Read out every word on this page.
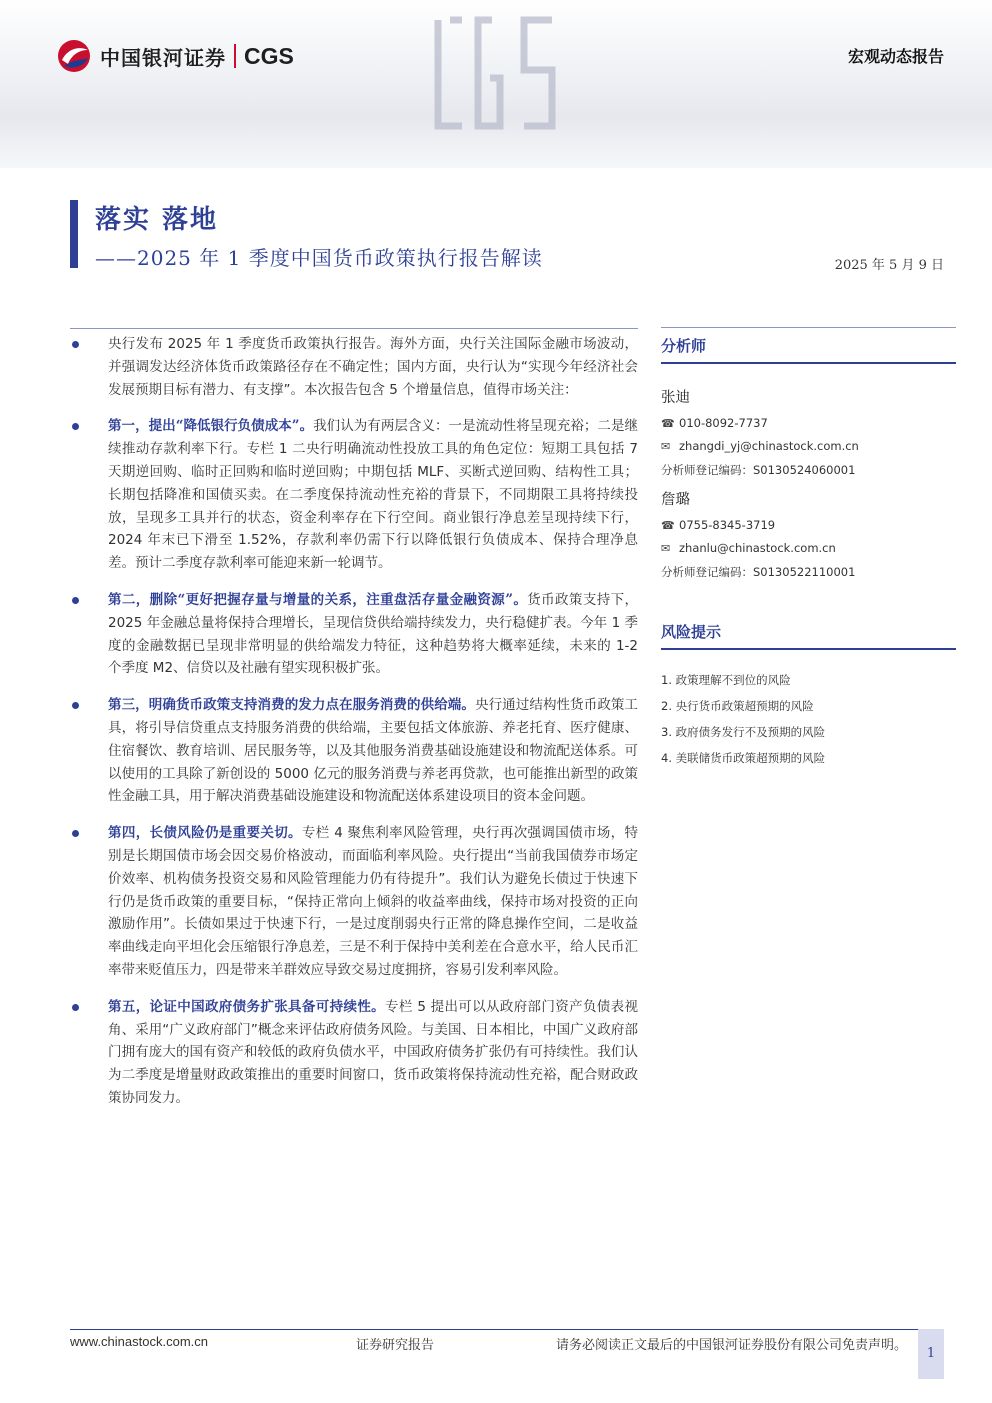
中国银河证券 CGS	宏观动态报告
落实 落地
——2025 年 1 季度中国货币政策执行报告解读	2025 年 5 月 9 日
央行发布 2025 年 1 季度货币政策执行报告。海外方面，央行关注国际金融市场波动，并强调发达经济体货币政策路径存在不确定性；国内方面，央行认为“实现今年经济社会发展预期目标有潜力、有支撑”。本次报告包含 5 个增量信息，值得市场关注：
第一，提出“降低银行负债成本”。我们认为有两层含义：一是流动性将呈现充裕；二是继续推动存款利率下行。专栏 1 二央行明确流动性投放工具的角色定位：短期工具包括 7 天期逆回购、临时正回购和临时逆回购；中期包括 MLF、买断式逆回购、结构性工具；长期包括降准和国债买卖。在二季度保持流动性充裕的背景下，不同期限工具将持续投放，呈现多工具并行的状态，资金利率存在下行空间。商业银行净息差呈现持续下行，2024 年末已下滑至 1.52%，存款利率仍需下行以降低银行负债成本、保持合理净息差。预计二季度存款利率可能迎来新一轮调节。
第二，删除“更好把握存量与增量的关系，注重盘活存量金融资源”。货币政策支持下，2025 年金融总量将保持合理增长，呈现信贷供给端持续发力，央行稳健扩表。今年 1 季度的金融数据已呈现非常明显的供给端发力特征，这种趋势将大概率延续，未来的 1-2 个季度 M2、信贷以及社融有望实现积极扩张。
第三，明确货币政策支持消费的发力点在服务消费的供给端。央行通过结构性货币政策工具，将引导信贷重点支持服务消费的供给端，主要包括文体旅游、养老托育、医疗健康、住宿餐饮、教育培训、居民服务等，以及其他服务消费基础设施建设和物流配送体系。可以使用的工具除了新创设的 5000 亿元的服务消费与养老再贷款，也可能推出新型的政策性金融工具，用于解决消费基础设施建设和物流配送体系建设项目的资本金问题。
第四，长债风险仍是重要关切。专栏 4 聚焦利率风险管理，央行再次强调国债市场，特别是长期国债市场会因交易价格波动，而面临利率风险。央行提出“当前我国债券市场定价效率、机构债务投资交易和风险管理能力仍有待提升”。我们认为避免长债过于快速下行仍是货币政策的重要目标，“保持正常向上倾斜的收益率曲线，保持市场对投资的正向激励作用”。长债如果过于快速下行，一是过度削弱央行正常的降息操作空间，二是收益率曲线走向平坦化会压缩银行净息差，三是不利于保持中美利差在合意水平，给人民币汇率带来贬值压力，四是带来羊群效应导致交易过度拥挤，容易引发利率风险。
第五，论证中国政府债务扩张具备可持续性。专栏 5 提出可以从政府部门资产负债表视角、采用“广义政府部门”概念来评估政府债务风险。与美国、日本相比，中国广义政府部门拥有庞大的国有资产和较低的政府负债水平，中国政府债务扩张仍有可持续性。我们认为二季度是增量财政政策推出的重要时间窗口，货币政策将保持流动性充裕，配合财政政策协同发力。
分析师
张迪
☎ 010-8092-7737
✉ zhangdi_yj@chinastock.com.cn
分析师登记编码： S0130524060001
詹璐
☎ 0755-8345-3719
✉ zhanlu@chinastock.com.cn
分析师登记编码： S0130522110001
风险提示
1. 政策理解不到位的风险
2. 央行货币政策超预期的风险
3. 政府债务发行不及预期的风险
4. 美联储货币政策超预期的风险
www.chinastock.com.cn	证券研究报告	请务必阅读正文最后的中国银河证券股份有限公司免责声明。
1
